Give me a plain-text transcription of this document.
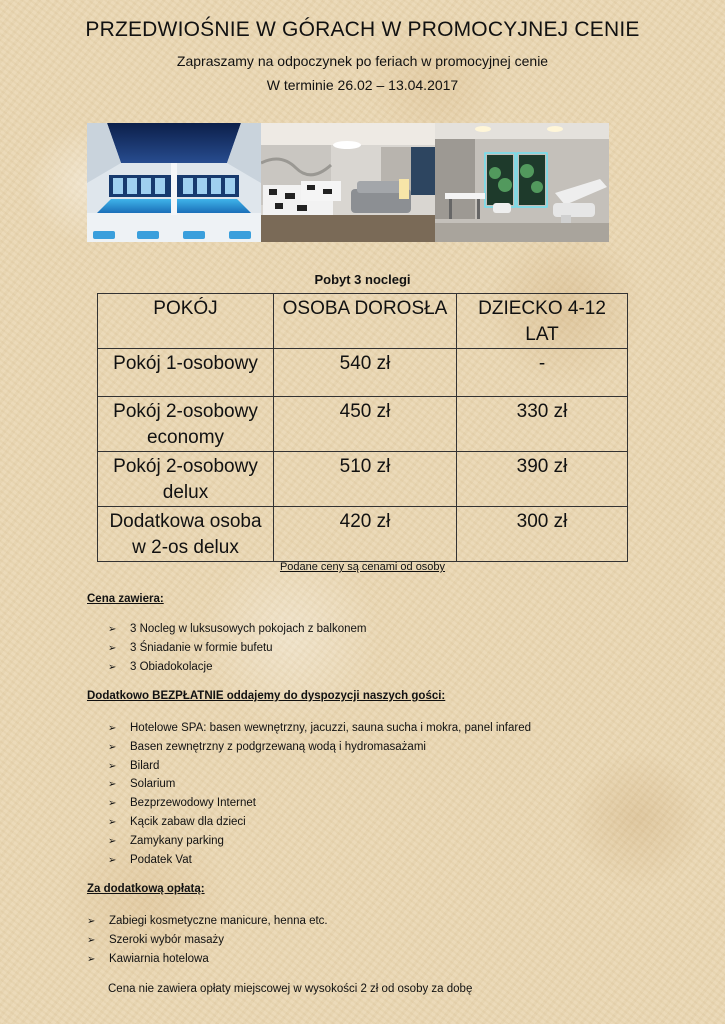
PRZEDWIOŚNIE W GÓRACH W PROMOCYJNEJ CENIE
Zapraszamy na odpoczynek po feriach w promocyjnej cenie
W terminie 26.02 – 13.04.2017
Pobyt 3 noclegi
POKÓJ	OSOBA DOROSŁA	DZIECKO 4-12 LAT
Pokój 1-osobowy	540 zł	-
Pokój 2-osobowy economy	450 zł	330 zł
Pokój 2-osobowy delux	510 zł	390 zł
Dodatkowa osoba w 2-os delux	420 zł	300 zł
Podane ceny są cenami od osoby
Cena zawiera:
➢ 3 Nocleg w luksusowych pokojach z balkonem
➢ 3 Śniadanie w formie bufetu
➢ 3 Obiadokolacje
Dodatkowo BEZPŁATNIE oddajemy do dyspozycji naszych gości:
➢ Hotelowe SPA: basen wewnętrzny, jacuzzi, sauna sucha i mokra, panel infared
➢ Basen zewnętrzny z podgrzewaną wodą i hydromasażami
➢ Bilard
➢ Solarium
➢ Bezprzewodowy Internet
➢ Kącik zabaw dla dzieci
➢ Zamykany parking
➢ Podatek Vat
Za dodatkową opłatą:
➢ Zabiegi kosmetyczne manicure, henna etc.
➢ Szeroki wybór masaży
➢ Kawiarnia hotelowa
Cena nie zawiera opłaty miejscowej w wysokości 2 zł od osoby za dobę
